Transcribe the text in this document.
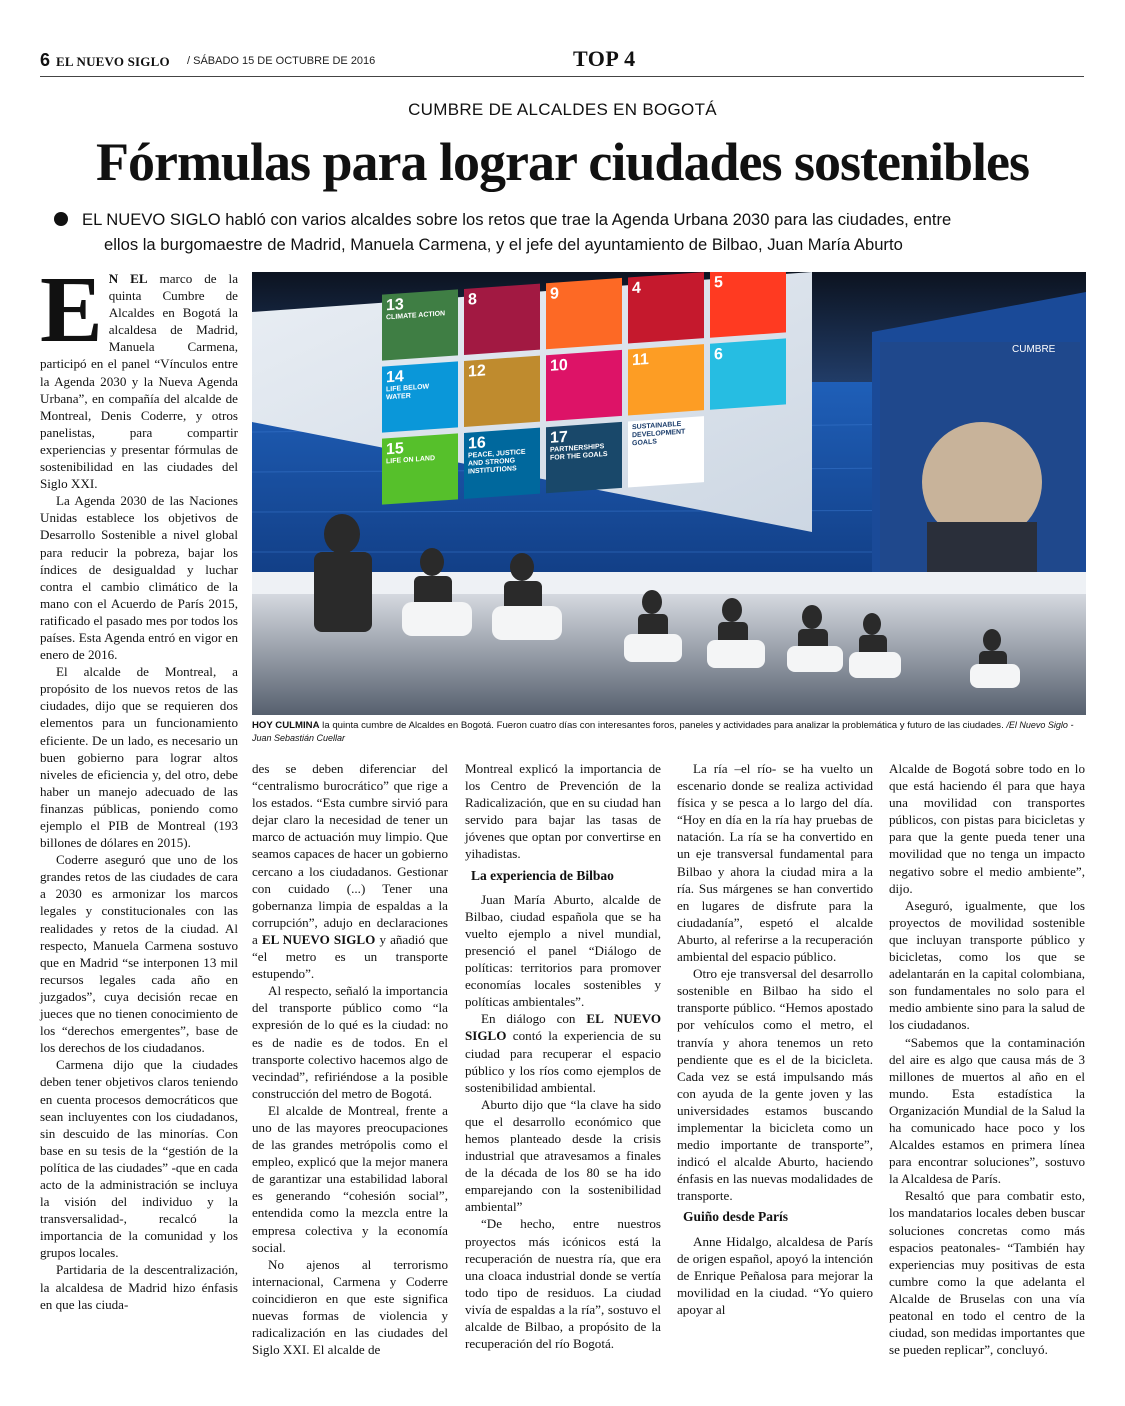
6 EL NUEVO SIGLO / SÁBADO 15 DE OCTUBRE DE 2016	TOP 4
CUMBRE DE ALCALDES EN BOGOTÁ
Fórmulas para lograr ciudades sostenibles

EL NUEVO SIGLO habló con varios alcaldes sobre los retos que trae la Agenda Urbana 2030 para las ciudades, entre

ellos la burgomaestre de Madrid, Manuela Carmena, y el jefe del ayuntamiento de Bilbao, Juan María Aburto

CUMBRE
13
CLIMATE ACTION
8	9	4	5
14
LIFE BELOW WATER
12	10	11	6
15
LIFE ON LAND
16
PEACE, JUSTICE AND STRONG INSTITUTIONS
17
PARTNERSHIPS FOR THE GOALS
SUSTAINABLE DEVELOPMENT GOALS
HOY CULMINA la quinta cumbre de Alcaldes en Bogotá. Fueron cuatro días con interesantes foros, paneles y actividades para analizar la problemática y futuro de las ciudades. /El Nuevo Siglo - Juan Sebastián Cuellar

E N EL marco de la quinta Cumbre de Alcaldes en Bogotá la alcaldesa de Madrid, Manuela Carmena, participó en el panel “Vínculos entre la Agenda 2030 y la Nueva Agenda Urbana”, en compañía del alcalde de Montreal, Denis Coderre, y otros panelistas, para compartir experiencias y presentar fórmulas de sostenibilidad en las ciudades del Siglo XXI.

La Agenda 2030 de las Naciones Unidas establece los objetivos de Desarrollo Sostenible a nivel global para reducir la pobreza, bajar los índices de desigualdad y luchar contra el cambio climático de la mano con el Acuerdo de París 2015, ratificado el pasado mes por todos los países. Esta Agenda entró en vigor en enero de 2016.

El alcalde de Montreal, a propósito de los nuevos retos de las ciudades, dijo que se requieren dos elementos para un funcionamiento eficiente. De un lado, es necesario un buen gobierno para lograr altos niveles de eficiencia y, del otro, debe haber un manejo adecuado de las finanzas públicas, poniendo como ejemplo el PIB de Montreal (193 billones de dólares en 2015).

Coderre aseguró que uno de los grandes retos de las ciudades de cara a 2030 es armonizar los marcos legales y constitucionales con las realidades y retos de la ciudad. Al respecto, Manuela Carmena sostuvo que en Madrid “se interponen 13 mil recursos legales cada año en juzgados”, cuya decisión recae en jueces que no tienen conocimiento de los “derechos emergentes”, base de los derechos de los ciudadanos.

Carmena dijo que la ciudades deben tener objetivos claros teniendo en cuenta procesos democráticos que sean incluyentes con los ciudadanos, sin descuido de las minorías. Con base en su tesis de la “gestión de la política de las ciudades” -que en cada acto de la administración se incluya la visión del individuo y la transversalidad-, recalcó la importancia de la comunidad y los grupos locales.

Partidaria de la descentralización, la alcaldesa de Madrid hizo énfasis en que las ciuda-

des se deben diferenciar del “centralismo burocrático” que rige a los estados. “Esta cumbre sirvió para dejar claro la necesidad de tener un marco de actuación muy limpio. Que seamos capaces de hacer un gobierno cercano a los ciudadanos. Gestionar con cuidado (...) Tener una gobernanza limpia de espaldas a la corrupción”, adujo en declaraciones a EL NUEVO SIGLO y añadió que “el metro es un transporte estupendo”.

Al respecto, señaló la importancia del transporte público como “la expresión de lo qué es la ciudad: no es de nadie es de todos. En el transporte colectivo hacemos algo de vecindad”, refiriéndose a la posible construcción del metro de Bogotá.

El alcalde de Montreal, frente a uno de las mayores preocupaciones de las grandes metrópolis como el empleo, explicó que la mejor manera de garantizar una estabilidad laboral es generando “cohesión social”, entendida como la mezcla entre la empresa colectiva y la economía social.

No ajenos al terrorismo internacional, Carmena y Coderre coincidieron en que este significa nuevas formas de violencia y radicalización en las ciudades del Siglo XXI. El alcalde de

Montreal explicó la importancia de los Centro de Prevención de la Radicalización, que en su ciudad han servido para bajar las tasas de jóvenes que optan por convertirse en yihadistas.

La experiencia de Bilbao

Juan María Aburto, alcalde de Bilbao, ciudad española que se ha vuelto ejemplo a nivel mundial, presenció el panel “Diálogo de políticas: territorios para promover economías locales sostenibles y políticas ambientales”.

En diálogo con EL NUEVO SIGLO contó la experiencia de su ciudad para recuperar el espacio público y los ríos como ejemplos de sostenibilidad ambiental.

Aburto dijo que “la clave ha sido que el desarrollo económico que hemos planteado desde la crisis industrial que atravesamos a finales de la década de los 80 se ha ido emparejando con la sostenibilidad ambiental”

“De hecho, entre nuestros proyectos más icónicos está la recuperación de nuestra ría, que era una cloaca industrial donde se vertía todo tipo de residuos. La ciudad vivía de espaldas a la ría”, sostuvo el alcalde de Bilbao, a propósito de la recuperación del río Bogotá.

La ría –el río- se ha vuelto un escenario donde se realiza actividad física y se pesca a lo largo del día. “Hoy en día en la ría hay pruebas de natación. La ría se ha convertido en un eje transversal fundamental para Bilbao y ahora la ciudad mira a la ría. Sus márgenes se han convertido en lugares de disfrute para la ciudadanía”, espetó el alcalde Aburto, al referirse a la recuperación ambiental del espacio público.

Otro eje transversal del desarrollo sostenible en Bilbao ha sido el transporte público. “Hemos apostado por vehículos como el metro, el tranvía y ahora tenemos un reto pendiente que es el de la bicicleta. Cada vez se está impulsando más con ayuda de la gente joven y las universidades estamos buscando implementar la bicicleta como un medio importante de transporte”, indicó el alcalde Aburto, haciendo énfasis en las nuevas modalidades de transporte.

Guiño desde París

Anne Hidalgo, alcaldesa de París de origen español, apoyó la intención de Enrique Peñalosa para mejorar la movilidad en la ciudad. “Yo quiero apoyar al

Alcalde de Bogotá sobre todo en lo que está haciendo él para que haya una movilidad con transportes públicos, con pistas para bicicletas y para que la gente pueda tener una movilidad que no tenga un impacto negativo sobre el medio ambiente”, dijo.

Aseguró, igualmente, que los proyectos de movilidad sostenible que incluyan transporte público y bicicletas, como los que se adelantarán en la capital colombiana, son fundamentales no solo para el medio ambiente sino para la salud de los ciudadanos.

“Sabemos que la contaminación del aire es algo que causa más de 3 millones de muertos al año en el mundo. Esta estadística la Organización Mundial de la Salud la ha comunicado hace poco y los Alcaldes estamos en primera línea para encontrar soluciones”, sostuvo la Alcaldesa de París.

Resaltó que para combatir esto, los mandatarios locales deben buscar soluciones concretas como más espacios peatonales- “También hay experiencias muy positivas de esta cumbre como la que adelanta el Alcalde de Bruselas con una vía peatonal en todo el centro de la ciudad, son medidas importantes que se pueden replicar”, concluyó.
